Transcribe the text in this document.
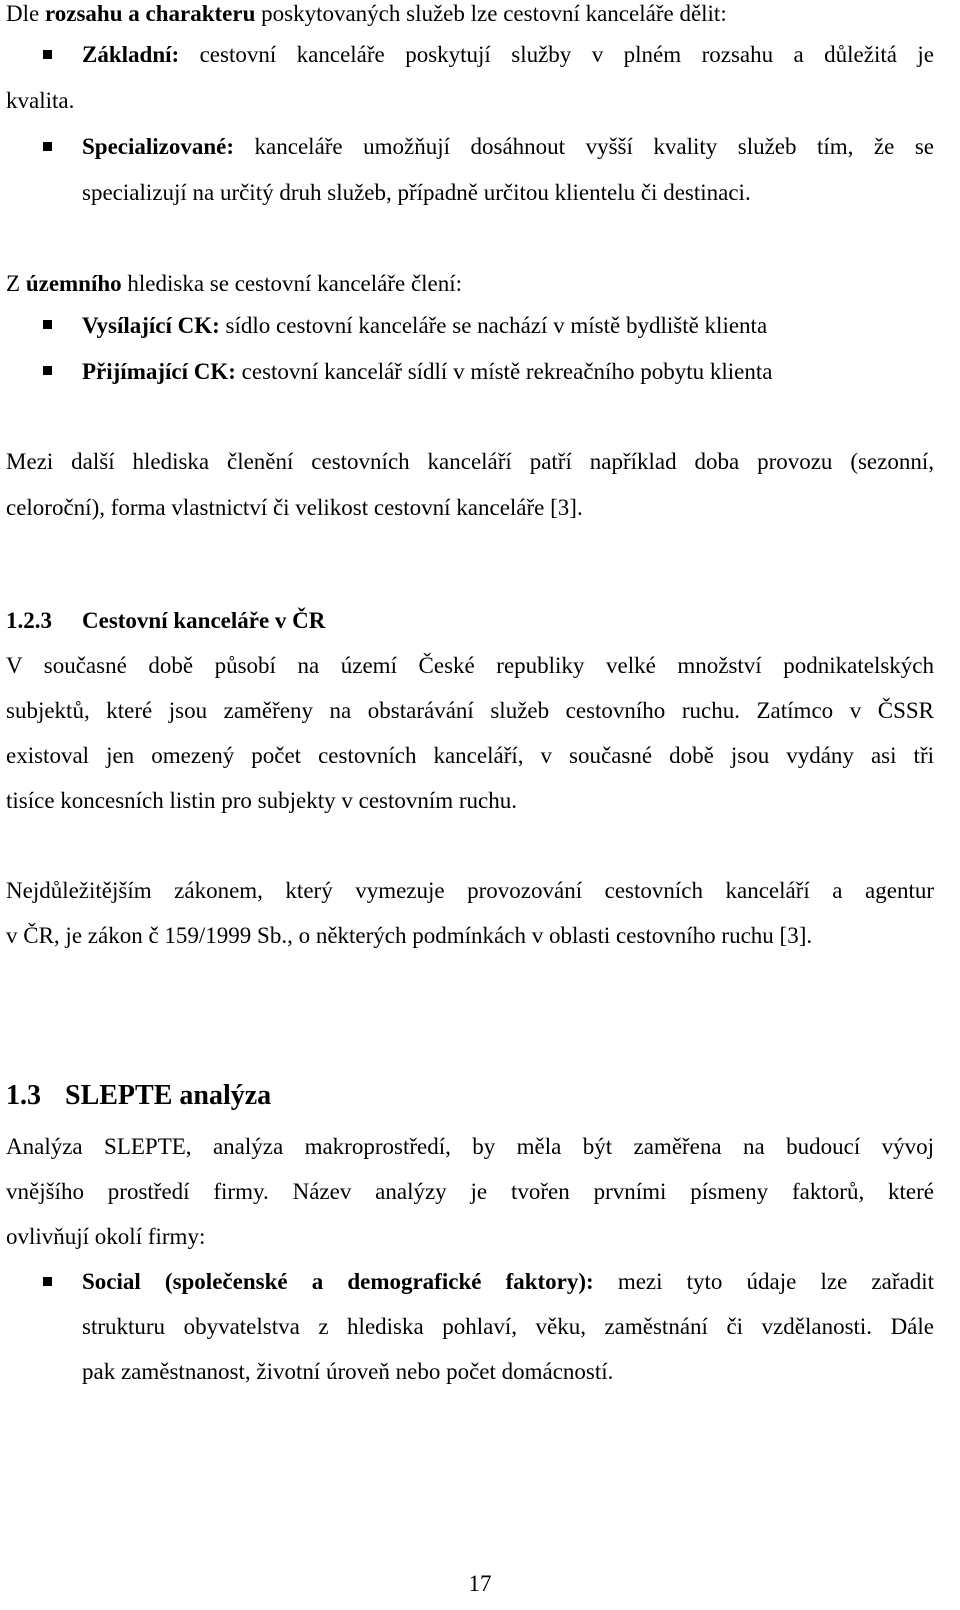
Dle rozsahu a charakteru poskytovaných služeb lze cestovní kanceláře dělit:
Základní: cestovní kanceláře poskytují služby v plném rozsahu a důležitá je
kvalita.
Specializované: kanceláře umožňují dosáhnout vyšší kvality služeb tím, že se
specializují na určitý druh služeb, případně určitou klientelu či destinaci.
Z územního hlediska se cestovní kanceláře člení:
Vysílající CK: sídlo cestovní kanceláře se nachází v místě bydliště klienta
Přijímající CK: cestovní kancelář sídlí v místě rekreačního pobytu klienta
Mezi další hlediska členění cestovních kanceláří patří například doba provozu (sezonní,
celoroční), forma vlastnictví či velikost cestovní kanceláře [3].
1.2.3 Cestovní kanceláře v ČR
V současné době působí na území České republiky velké množství podnikatelských
subjektů, které jsou zaměřeny na obstarávání služeb cestovního ruchu. Zatímco v ČSSR
existoval jen omezený počet cestovních kanceláří, v současné době jsou vydány asi tři
tisíce koncesních listin pro subjekty v cestovním ruchu.
Nejdůležitějším zákonem, který vymezuje provozování cestovních kanceláří a agentur
v ČR, je zákon č 159/1999 Sb., o některých podmínkách v oblasti cestovního ruchu [3].
1.3 SLEPTE analýza
Analýza SLEPTE, analýza makroprostředí, by měla být zaměřena na budoucí vývoj
vnějšího prostředí firmy. Název analýzy je tvořen prvními písmeny faktorů, které
ovlivňují okolí firmy:
Social (společenské a demografické faktory): mezi tyto údaje lze zařadit
strukturu obyvatelstva z hlediska pohlaví, věku, zaměstnání či vzdělanosti. Dále
pak zaměstnanost, životní úroveň nebo počet domácností.
17
